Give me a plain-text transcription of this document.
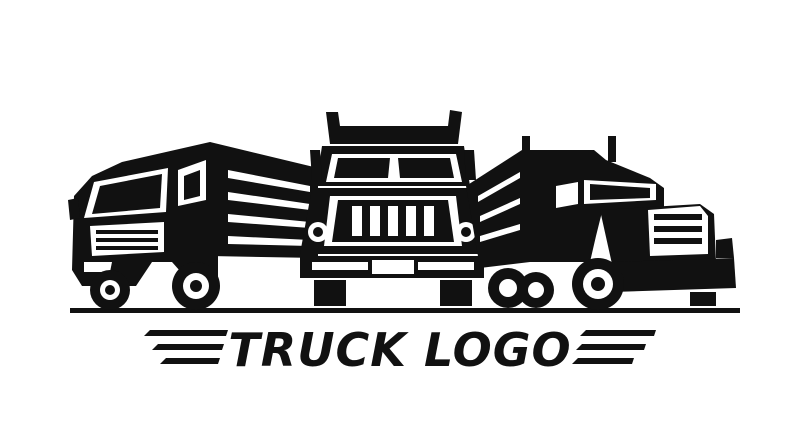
TRUCK LOGO
